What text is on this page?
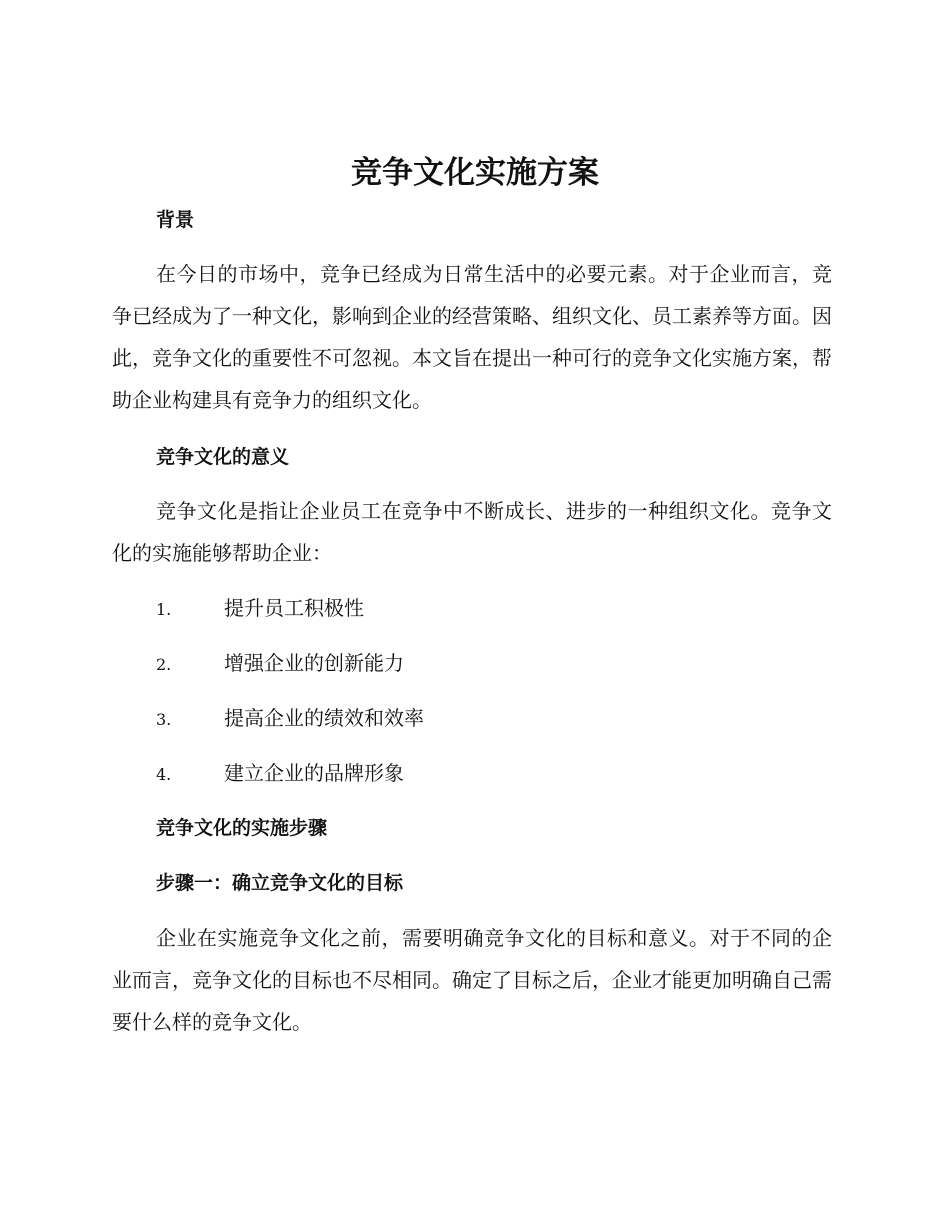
竞争文化实施方案
背景

在今日的市场中，竞争已经成为日常生活中的必要元素。对于企业而言，竞争已经成为了一种文化，影响到企业的经营策略、组织文化、员工素养等方面。因此，竞争文化的重要性不可忽视。本文旨在提出一种可行的竞争文化实施方案，帮助企业构建具有竞争力的组织文化。

竞争文化的意义

竞争文化是指让企业员工在竞争中不断成长、进步的一种组织文化。竞争文化的实施能够帮助企业：

1.	提升员工积极性
2.	增强企业的创新能力
3.	提高企业的绩效和效率
4.	建立企业的品牌形象
竞争文化的实施步骤
步骤一：确立竞争文化的目标

企业在实施竞争文化之前，需要明确竞争文化的目标和意义。对于不同的企业而言，竞争文化的目标也不尽相同。确定了目标之后，企业才能更加明确自己需要什么样的竞争文化。
